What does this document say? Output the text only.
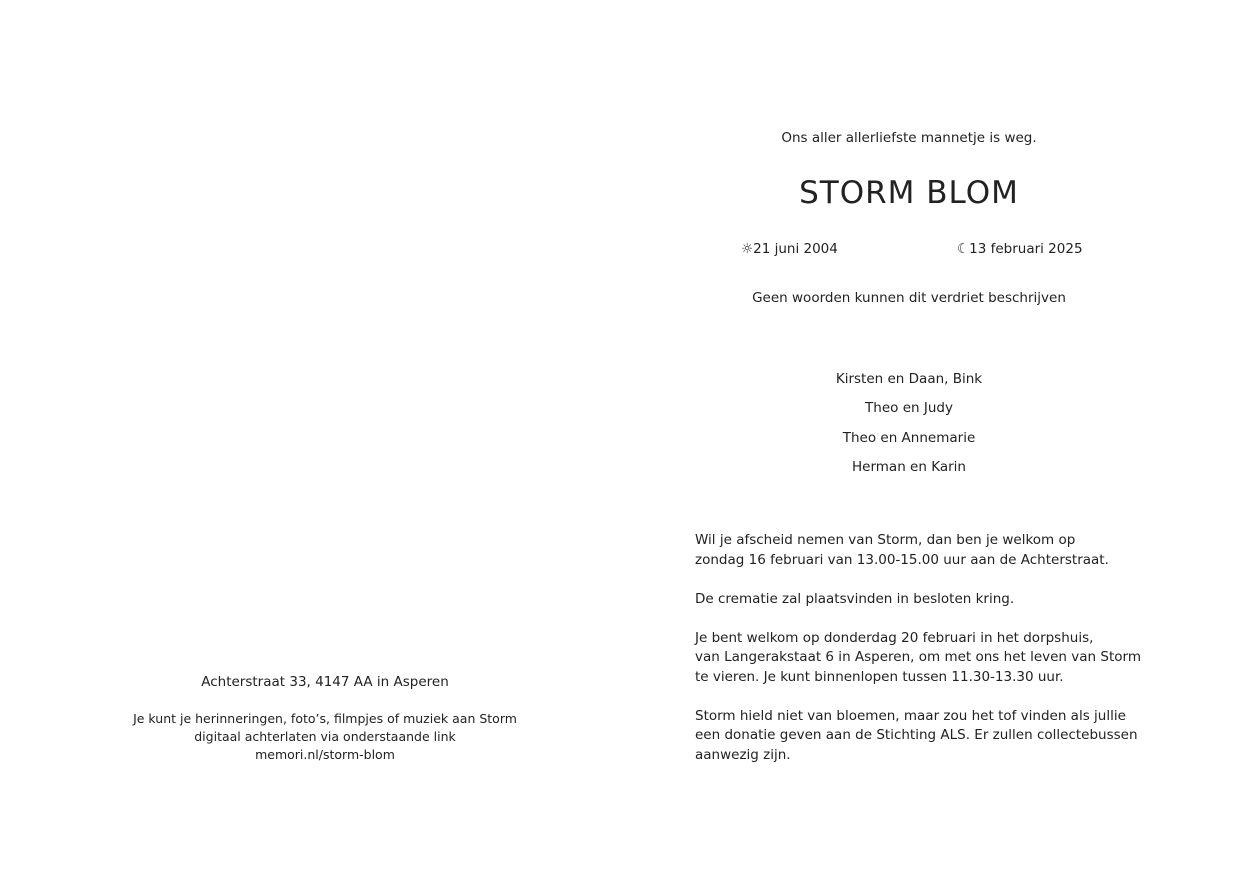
Achterstraat 33, 4147 AA in Asperen
Je kunt je herinneringen, foto’s, filmpjes of muziek aan Storm
digitaal achterlaten via onderstaande link
memori.nl/storm-blom
Ons aller allerliefste mannetje is weg.
STORM BLOM
☼21 juni 2004	☾13 februari 2025
Geen woorden kunnen dit verdriet beschrijven
Kirsten en Daan, Bink
Theo en Judy
Theo en Annemarie
Herman en Karin

Wil je afscheid nemen van Storm, dan ben je welkom op
zondag 16 februari van 13.00-15.00 uur aan de Achterstraat.

De crematie zal plaatsvinden in besloten kring.

Je bent welkom op donderdag 20 februari in het dorpshuis,
van Langerakstaat 6 in Asperen, om met ons het leven van Storm
te vieren. Je kunt binnenlopen tussen 11.30-13.30 uur.

Storm hield niet van bloemen, maar zou het tof vinden als jullie
een donatie geven aan de Stichting ALS. Er zullen collectebussen
aanwezig zijn.
